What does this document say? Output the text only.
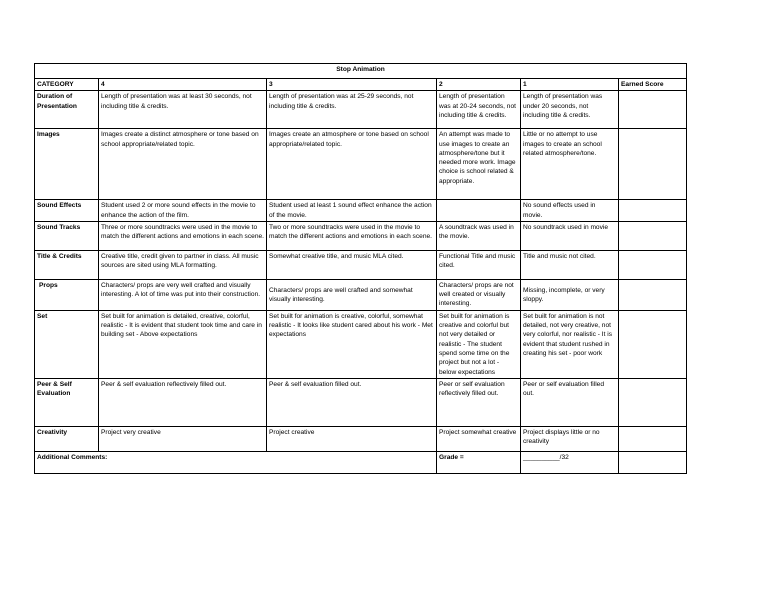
Stop Animation					
CATEGORY	4	3	2	1	Earned Score
Duration of Presentation	Length of presentation was at least 30 seconds, not including title & credits.	Length of presentation was at 25-29 seconds, not including title & credits.	Length of presentation was at 20-24 seconds, not including title & credits.	Length of presentation was under 20 seconds, not including title & credits.	
Images	Images create a distinct atmosphere or tone based on school appropriate/related topic.	Images create an atmosphere or tone based on school appropriate/related topic.	An attempt was made to use images to create an atmosphere/tone but it needed more work. Image choice is school related & appropriate.	Little or no attempt to use images to create an school related atmosphere/tone.	
Sound Effects	Student used 2 or more sound effects in the movie to enhance the action of the film.	Student used at least 1 sound effect enhance the action of the movie.		No sound effects used in movie.	
Sound Tracks	Three or more soundtracks were used in the movie to match the different actions and emotions in each scene.	Two or more soundtracks were used in the movie to match the different actions and emotions in each scene.	A soundtrack was used in the movie.	No soundtrack used in movie	
Title & Credits	Creative title, credit given to partner in class. All music sources are sited using MLA formatting.	Somewhat creative title, and music MLA cited.	Functional Title and music cited.	Title and music not cited.	
Props	Characters/ props are very well crafted and visually interesting. A lot of time was put into their construction.	Characters/ props are well crafted and somewhat visually interesting.	Characters/ props are not well created or visually interesting.	Missing, incomplete, or very sloppy.	
Set	Set built for animation is detailed, creative, colorful, realistic - It is evident that student took time and care in building set - Above expectations	Set built for animation is creative, colorful, somewhat realistic - It looks like student cared about his work - Met expectations	Set built for animation is creative and colorful but not very detailed or realistic - The student spend some time on the project but not a lot - below expectations	Set built for animation is not detailed, not very creative, not very colorful, nor realistic - It is evident that student rushed in creating his set - poor work	
Peer & Self Evaluation	Peer & self evaluation reflectively filled out.	Peer & self evaluation filled out.	Peer or self evaluation reflectively filled out.	Peer or self evaluation filled out.	
Creativity	Project very creative	Project creative	Project somewhat creative	Project displays little or no creativity	
Additional Comments:			Grade =	__________/32	
